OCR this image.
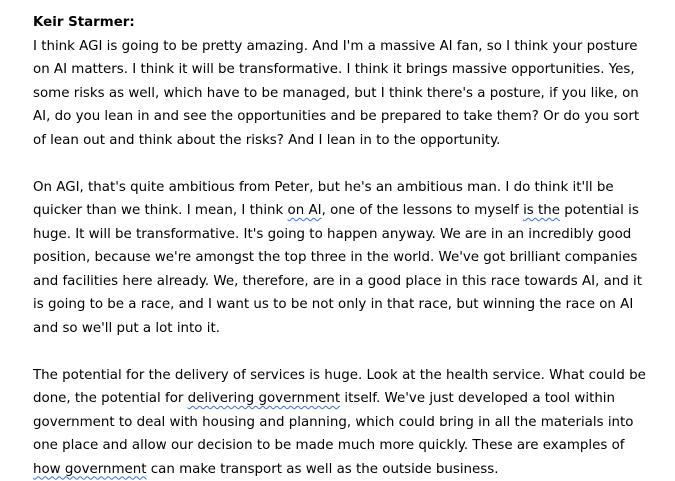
Keir Starmer:

I think AGI is going to be pretty amazing. And I'm a massive AI fan, so I think your posture on AI matters. I think it will be transformative. I think it brings massive opportunities. Yes, some risks as well, which have to be managed, but I think there's a posture, if you like, on AI, do you lean in and see the opportunities and be prepared to take them? Or do you sort of lean out and think about the risks? And I lean in to the opportunity.

On AGI, that's quite ambitious from Peter, but he's an ambitious man. I do think it'll be quicker than we think. I mean, I think on AI, one of the lessons to myself is the potential is huge. It will be transformative. It's going to happen anyway. We are in an incredibly good position, because we're amongst the top three in the world. We've got brilliant companies and facilities here already. We, therefore, are in a good place in this race towards AI, and it is going to be a race, and I want us to be not only in that race, but winning the race on AI and so we'll put a lot into it.

The potential for the delivery of services is huge. Look at the health service. What could be done, the potential for delivering government itself. We've just developed a tool within government to deal with housing and planning, which could bring in all the materials into one place and allow our decision to be made much more quickly. These are examples of how government can make transport as well as the outside business.
